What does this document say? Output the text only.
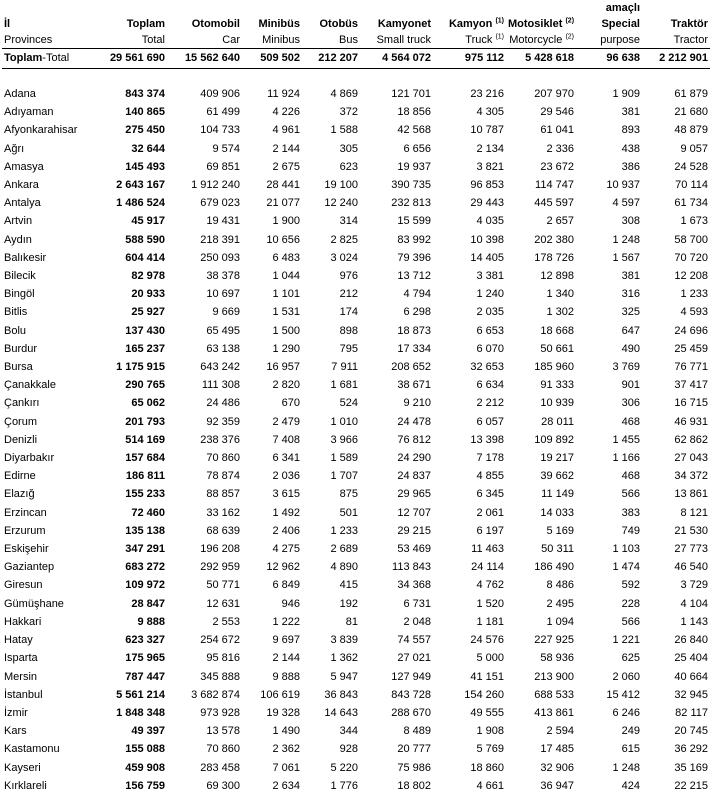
								amaçlı	
İl	Toplam	Otomobil	Minibüs	Otobüs	Kamyonet	Kamyon $^{(1)}$	Motosiklet $^{(2)}$	Special	Traktör
Provinces	Total	Car	Minibus	Bus	Small truck	Truck $^{(1)}$	Motorcycle $^{(2)}$	purpose	Tractor
Toplam-Total	29 561 690	15 562 640	509 502	212 207	4 564 072	975 112	5 428 618	96 638	2 212 901

Adana	843 374	409 906	11 924	4 869	121 701	23 216	207 970	1 909	61 879
Adıyaman	140 865	61 499	4 226	372	18 856	4 305	29 546	381	21 680
Afyonkarahisar	275 450	104 733	4 961	1 588	42 568	10 787	61 041	893	48 879
Ağrı	32 644	9 574	2 144	305	6 656	2 134	2 336	438	9 057
Amasya	145 493	69 851	2 675	623	19 937	3 821	23 672	386	24 528
Ankara	2 643 167	1 912 240	28 441	19 100	390 735	96 853	114 747	10 937	70 114
Antalya	1 486 524	679 023	21 077	12 240	232 813	29 443	445 597	4 597	61 734
Artvin	45 917	19 431	1 900	314	15 599	4 035	2 657	308	1 673
Aydın	588 590	218 391	10 656	2 825	83 992	10 398	202 380	1 248	58 700
Balıkesir	604 414	250 093	6 483	3 024	79 396	14 405	178 726	1 567	70 720
Bilecik	82 978	38 378	1 044	976	13 712	3 381	12 898	381	12 208
Bingöl	20 933	10 697	1 101	212	4 794	1 240	1 340	316	1 233
Bitlis	25 927	9 669	1 531	174	6 298	2 035	1 302	325	4 593
Bolu	137 430	65 495	1 500	898	18 873	6 653	18 668	647	24 696
Burdur	165 237	63 138	1 290	795	17 334	6 070	50 661	490	25 459
Bursa	1 175 915	643 242	16 957	7 911	208 652	32 653	185 960	3 769	76 771
Çanakkale	290 765	111 308	2 820	1 681	38 671	6 634	91 333	901	37 417
Çankırı	65 062	24 486	670	524	9 210	2 212	10 939	306	16 715
Çorum	201 793	92 359	2 479	1 010	24 478	6 057	28 011	468	46 931
Denizli	514 169	238 376	7 408	3 966	76 812	13 398	109 892	1 455	62 862
Diyarbakır	157 684	70 860	6 341	1 589	24 290	7 178	19 217	1 166	27 043
Edirne	186 811	78 874	2 036	1 707	24 837	4 855	39 662	468	34 372
Elazığ	155 233	88 857	3 615	875	29 965	6 345	11 149	566	13 861
Erzincan	72 460	33 162	1 492	501	12 707	2 061	14 033	383	8 121
Erzurum	135 138	68 639	2 406	1 233	29 215	6 197	5 169	749	21 530
Eskişehir	347 291	196 208	4 275	2 689	53 469	11 463	50 311	1 103	27 773
Gaziantep	683 272	292 959	12 962	4 890	113 843	24 114	186 490	1 474	46 540
Giresun	109 972	50 771	6 849	415	34 368	4 762	8 486	592	3 729
Gümüşhane	28 847	12 631	946	192	6 731	1 520	2 495	228	4 104
Hakkari	9 888	2 553	1 222	81	2 048	1 181	1 094	566	1 143
Hatay	623 327	254 672	9 697	3 839	74 557	24 576	227 925	1 221	26 840
Isparta	175 965	95 816	2 144	1 362	27 021	5 000	58 936	625	25 404
Mersin	787 447	345 888	9 888	5 947	127 949	41 151	213 900	2 060	40 664
İstanbul	5 561 214	3 682 874	106 619	36 843	843 728	154 260	688 533	15 412	32 945
İzmir	1 848 348	973 928	19 328	14 643	288 670	49 555	413 861	6 246	82 117
Kars	49 397	13 578	1 490	344	8 489	1 908	2 594	249	20 745
Kastamonu	155 088	70 860	2 362	928	20 777	5 769	17 485	615	36 292
Kayseri	459 908	283 458	7 061	5 220	75 986	18 860	32 906	1 248	35 169
Kırklareli	156 759	69 300	2 634	1 776	18 802	4 661	36 947	424	22 215
